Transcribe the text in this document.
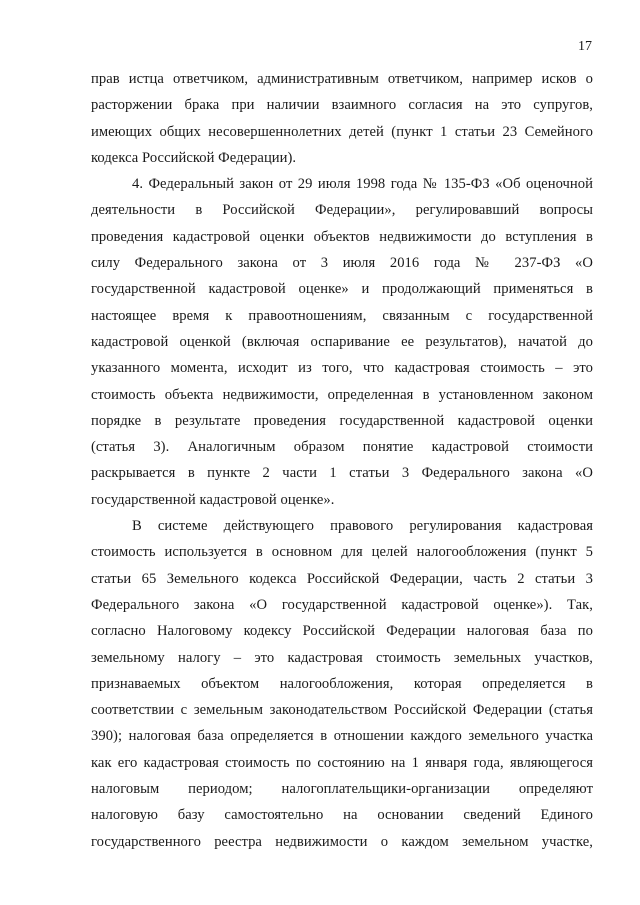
17
прав истца ответчиком, административным ответчиком, например исков о
расторжении брака при наличии взаимного согласия на это супругов,
имеющих общих несовершеннолетних детей (пункт 1 статьи 23 Семейного
кодекса Российской Федерации).
4. Федеральный закон от 29 июля 1998 года № 135-ФЗ «Об оценочной
деятельности в Российской Федерации», регулировавший вопросы
проведения кадастровой оценки объектов недвижимости до вступления в
силу Федерального закона от 3 июля 2016 года № 237-ФЗ «О
государственной кадастровой оценке» и продолжающий применяться в
настоящее время к правоотношениям, связанным с государственной
кадастровой оценкой (включая оспаривание ее результатов), начатой до
указанного момента, исходит из того, что кадастровая стоимость – это
стоимость объекта недвижимости, определенная в установленном законом
порядке в результате проведения государственной кадастровой оценки
(статья 3). Аналогичным образом понятие кадастровой стоимости
раскрывается в пункте 2 части 1 статьи 3 Федерального закона «О
государственной кадастровой оценке».
В системе действующего правового регулирования кадастровая
стоимость используется в основном для целей налогообложения (пункт 5
статьи 65 Земельного кодекса Российской Федерации, часть 2 статьи 3
Федерального закона «О государственной кадастровой оценке»). Так,
согласно Налоговому кодексу Российской Федерации налоговая база по
земельному налогу – это кадастровая стоимость земельных участков,
признаваемых объектом налогообложения, которая определяется в
соответствии с земельным законодательством Российской Федерации (статья
390); налоговая база определяется в отношении каждого земельного участка
как его кадастровая стоимость по состоянию на 1 января года, являющегося
налоговым периодом; налогоплательщики-организации определяют
налоговую базу самостоятельно на основании сведений Единого
государственного реестра недвижимости о каждом земельном участке,
